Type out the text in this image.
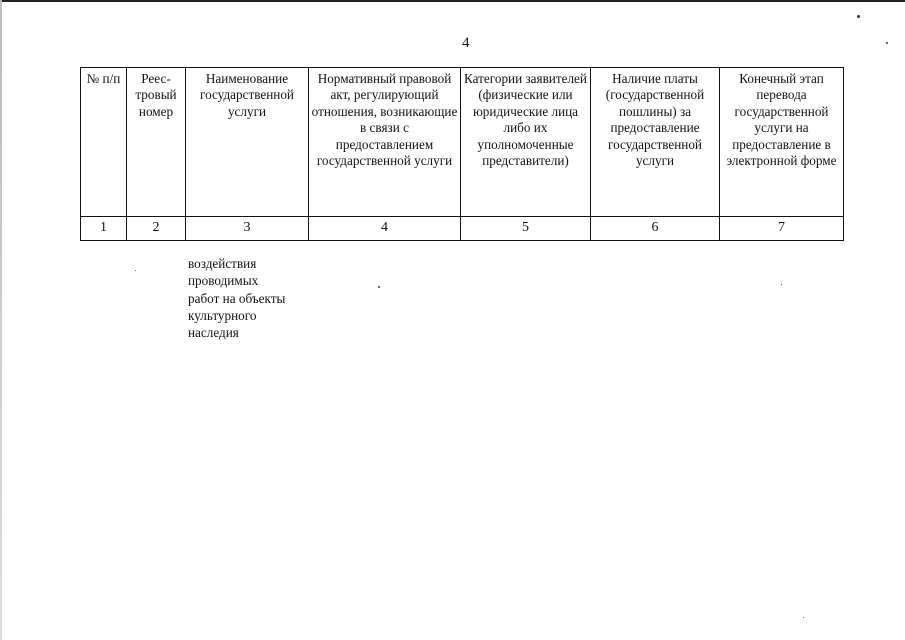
4
№ п/п	Реес-тровый номер	Наименование государственной услуги	Нормативный правовой акт, регулирующий отношения, возникающие в связи с предоставлением государственной услуги	Категории заявителей (физические или юридические лица либо их уполномоченные представители)	Наличие платы (государственной пошлины) за предоставление государственной услуги	Конечный этап перевода государственной услуги на предоставление в электронной форме
1	2	3	4	5	6	7
воздействия
проводимых
работ на объекты
культурного
наследия
